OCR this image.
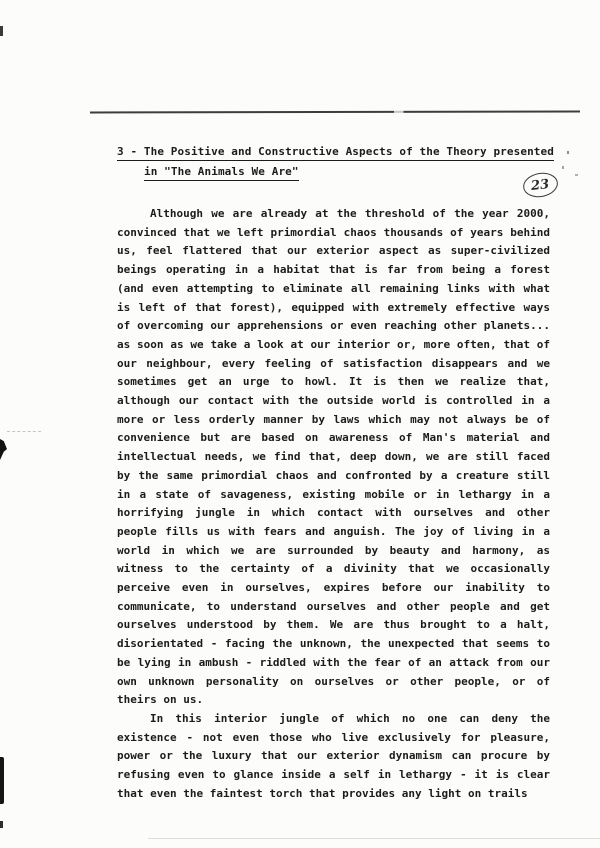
3 - The Positive and Constructive Aspects of the Theory presented
in "The Animals We Are"
23

Although we are already at the threshold of the year 2000, convinced that we left primordial chaos thousands of years behind us, feel flattered that our exterior aspect as super-civilized beings operating in a habitat that is far from being a forest (and even attempting to eliminate all remaining links with what is left of that forest), equipped with extremely effective ways of overcoming our apprehensions or even reaching other planets... as soon as we take a look at our interior or, more often, that of our neighbour, every feeling of satisfaction disappears and we sometimes get an urge to howl. It is then we realize that, although our contact with the outside world is controlled in a more or less orderly manner by laws which may not always be of convenience but are based on awareness of Man's material and intellectual needs, we find that, deep down, we are still faced by the same primordial chaos and confronted by a creature still in a state of savageness, existing mobile or in lethargy in a horrifying jungle in which contact with ourselves and other people fills us with fears and anguish. The joy of living in a world in which we are surrounded by beauty and harmony, as witness to the certainty of a divinity that we occasionally perceive even in ourselves, expires before our inability to communicate, to understand ourselves and other people and get ourselves understood by them. We are thus brought to a halt, disorientated - facing the unknown, the unexpected that seems to be lying in ambush - riddled with the fear of an attack from our own unknown personality on ourselves or other people, or of theirs on us.

In this interior jungle of which no one can deny the existence - not even those who live exclusively for pleasure, power or the luxury that our exterior dynamism can procure by refusing even to glance inside a self in lethargy - it is clear that even the faintest torch that provides any light on trails
